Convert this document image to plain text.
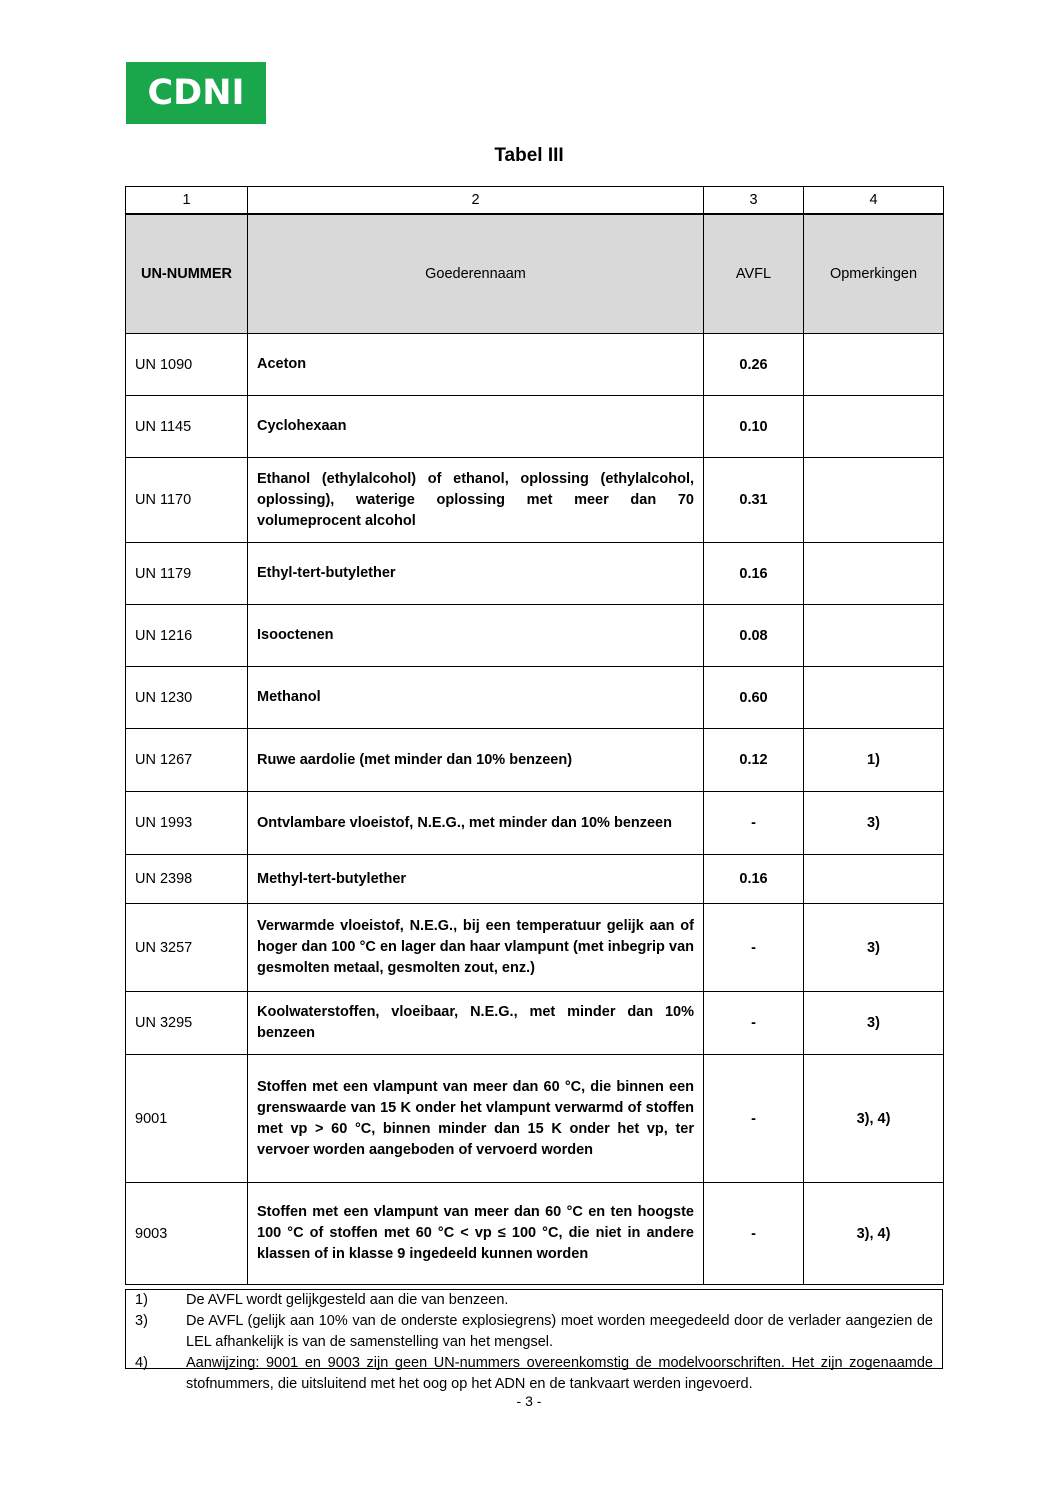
CDNI
Tabel III
1	2	3	4
UN-NUMMER	Goederennaam	AVFL	Opmerkingen
UN 1090	Aceton	0.26	
UN 1145	Cyclohexaan	0.10	
UN 1170	Ethanol (ethylalcohol) of ethanol, oplossing (ethylalcohol, oplossing), waterige oplossing met meer dan 70 volumeprocent alcohol	0.31	
UN 1179	Ethyl-tert-butylether	0.16	
UN 1216	Isooctenen	0.08	
UN 1230	Methanol	0.60	
UN 1267	Ruwe aardolie (met minder dan 10% benzeen)	0.12	1)
UN 1993	Ontvlambare vloeistof, N.E.G., met minder dan 10% benzeen	-	3)
UN 2398	Methyl-tert-butylether	0.16	
UN 3257	Verwarmde vloeistof, N.E.G., bij een temperatuur gelijk aan of hoger dan 100 °C en lager dan haar vlampunt (met inbegrip van gesmolten metaal, gesmolten zout, enz.)	-	3)
UN 3295	Koolwaterstoffen, vloeibaar, N.E.G., met minder dan 10% benzeen	-	3)
9001	Stoffen met een vlampunt van meer dan 60 °C, die binnen een grenswaarde van 15 K onder het vlampunt verwarmd of stoffen met vp > 60 °C, binnen minder dan 15 K onder het vp, ter vervoer worden aangeboden of vervoerd worden	-	3), 4)
9003	Stoffen met een vlampunt van meer dan 60 °C en ten hoogste 100 °C of stoffen met 60 °C < vp ≤ 100 °C, die niet in andere klassen of in klasse 9 ingedeeld kunnen worden	-	3), 4)
1)	De AVFL wordt gelijkgesteld aan die van benzeen.
3)	De AVFL (gelijk aan 10% van de onderste explosiegrens) moet worden meegedeeld door de verlader aangezien de LEL afhankelijk is van de samenstelling van het mengsel.
4)	Aanwijzing: 9001 en 9003 zijn geen UN-nummers overeenkomstig de modelvoorschriften. Het zijn zogenaamde stofnummers, die uitsluitend met het oog op het ADN en de tankvaart werden ingevoerd.
- 3 -
